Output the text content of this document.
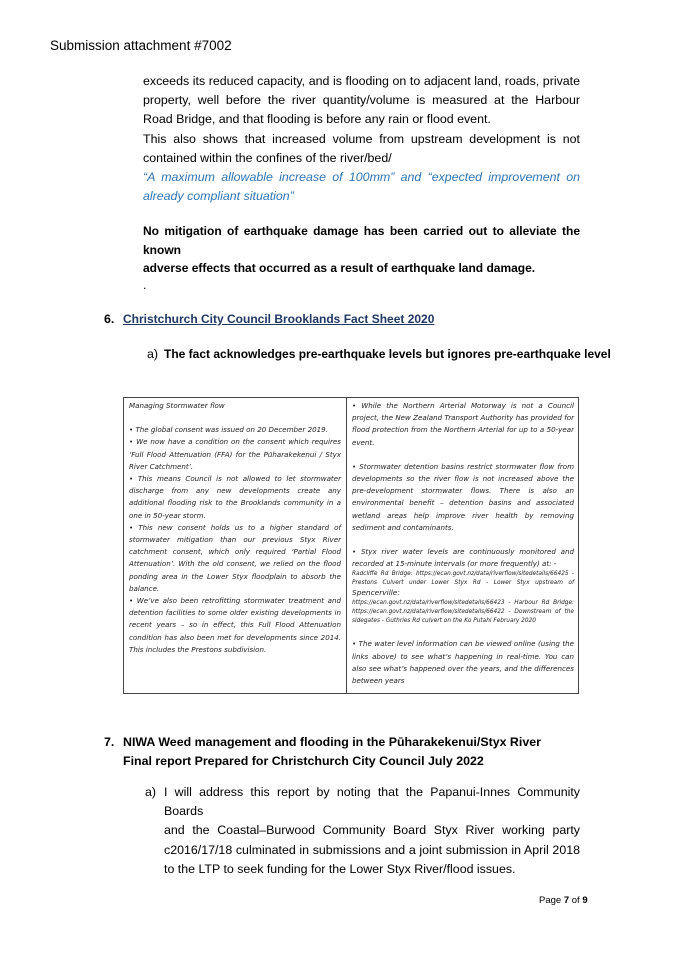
Submission attachment #7002
exceeds its reduced capacity, and is flooding on to adjacent land, roads, private
property, well before the river quantity/volume is measured at the Harbour
Road Bridge, and that flooding is before any rain or flood event.
This also shows that increased volume from upstream development is not
contained within the confines of the river/bed/
“A maximum allowable increase of 100mm” and “expected improvement on
already compliant situation”
No mitigation of earthquake damage has been carried out to alleviate the known
adverse effects that occurred as a result of earthquake land damage.
.
6. Christchurch City Council Brooklands Fact Sheet 2020
a) The fact acknowledges pre-earthquake levels but ignores pre-earthquake level

Managing Stormwater flow

• The global consent was issued on 20 December 2019.

• We now have a condition on the consent which requires ‘Full Flood Attenuation (FFA) for the Pūharakekenui / Styx River Catchment’.

• This means Council is not allowed to let stormwater discharge from any new developments create any additional flooding risk to the Brooklands community in a one in 50-year storm.

• This new consent holds us to a higher standard of stormwater mitigation than our previous Styx River catchment consent, which only required ‘Partial Flood Attenuation’. With the old consent, we relied on the flood ponding area in the Lower Styx floodplain to absorb the balance.

• We’ve also been retrofitting stormwater treatment and detention facilities to some older existing developments in recent years – so in effect, this Full Flood Attenuation condition has also been met for developments since 2014. This includes the Prestons subdivision.

• While the Northern Arterial Motorway is not a Council project, the New Zealand Transport Authority has provided for flood protection from the Northern Arterial for up to a 50-year event.

• Stormwater detention basins restrict stormwater flow from developments so the river flow is not increased above the pre-development stormwater flows. There is also an environmental benefit – detention basins and associated wetland areas help improve river health by removing sediment and contaminants.

• Styx river water levels are continuously monitored and recorded at 15-minute intervals (or more frequently) at: -

Radcliffe Rd Bridge: https://ecan.govt.nz/data/riverflow/sitedetails/66425 - Prestons Culvert under Lower Styx Rd - Lower Styx upstream of Spencerville:

https://ecan.govt.nz/data/riverflow/sitedetails/66423 - Harbour Rd Bridge: https://ecan.govt.nz/data/riverflow/sitedetails/66422 - Downstream of the sidegates - Guthries Rd culvert on the Ko Putahi February 2020

• The water level information can be viewed online (using the links above) to see what’s happening in real-time. You can also see what’s happened over the years, and the differences between years

7. NIWA Weed management and flooding in the Pūharakekenui/Styx River
Final report Prepared for Christchurch City Council July 2022
a) I will address this report by noting that the Papanui-Innes Community Boards
and the Coastal–Burwood Community Board Styx River working party
c2016/17/18 culminated in submissions and a joint submission in April 2018
to the LTP to seek funding for the Lower Styx River/flood issues.
Page 7 of 9
